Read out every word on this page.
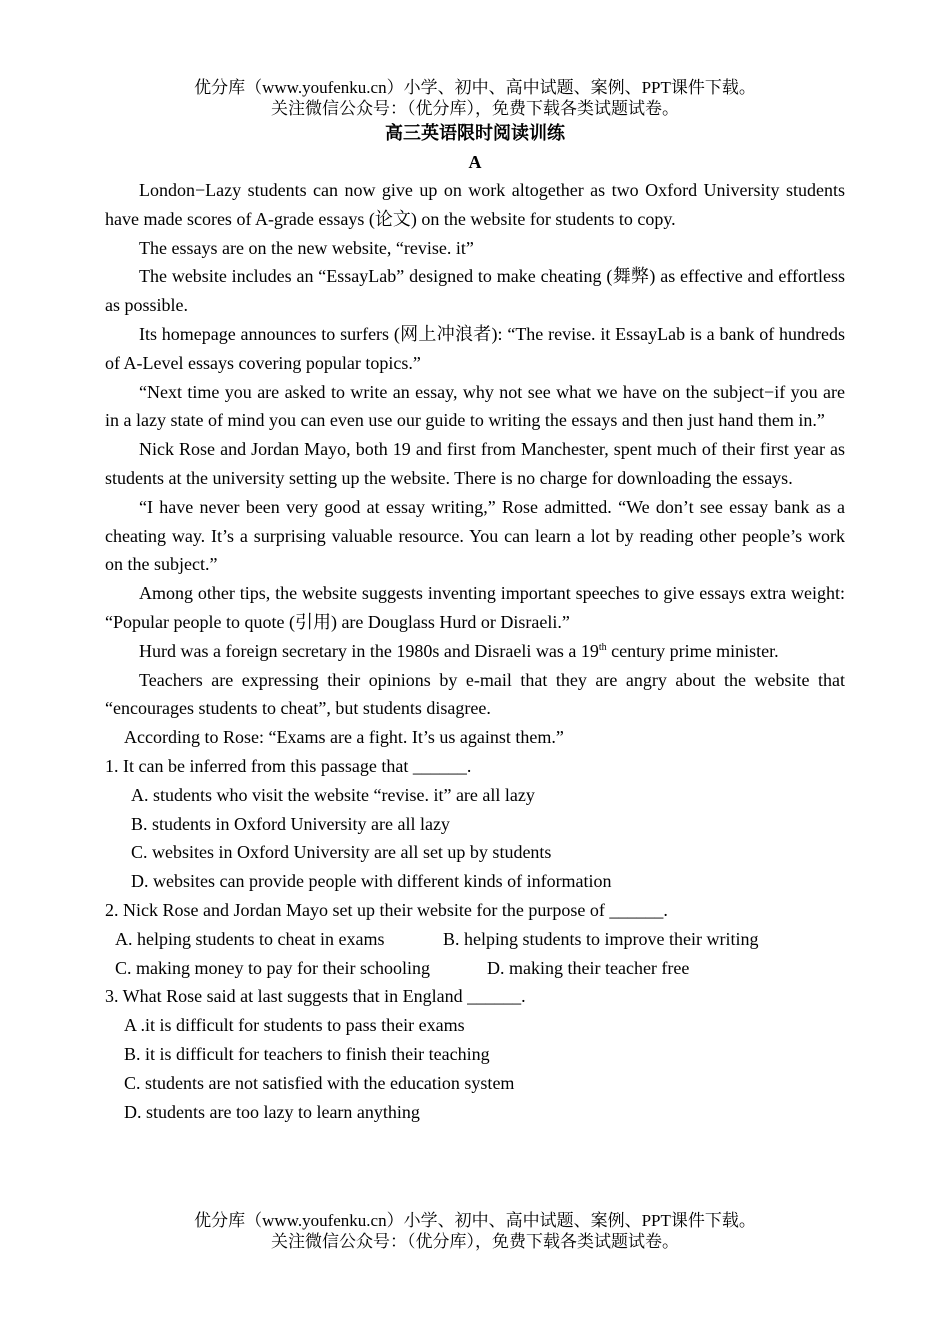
优分库（www.youfenku.cn）小学、初中、高中试题、案例、PPT课件下载。
关注微信公众号：（优分库），免费下载各类试题试卷。
高三英语限时阅读训练
A

London−Lazy students can now give up on work altogether as two Oxford University students have made scores of A-grade essays (论文) on the website for students to copy.

The essays are on the new website, “revise. it”

The website includes an “EssayLab” designed to make cheating (舞弊) as effective and effortless as possible.

Its homepage announces to surfers (网上冲浪者): “The revise. it EssayLab is a bank of hundreds of A-Level essays covering popular topics.”

“Next time you are asked to write an essay, why not see what we have on the subject−if you are in a lazy state of mind you can even use our guide to writing the essays and then just hand them in.”

Nick Rose and Jordan Mayo, both 19 and first from Manchester, spent much of their first year as students at the university setting up the website. There is no charge for downloading the essays.

“I have never been very good at essay writing,” Rose admitted. “We don’t see essay bank as a cheating way. It’s a surprising valuable resource. You can learn a lot by reading other people’s work on the subject.”

Among other tips, the website suggests inventing important speeches to give essays extra weight: “Popular people to quote (引用) are Douglass Hurd or Disraeli.”

Hurd was a foreign secretary in the 1980s and Disraeli was a 19th century prime minister.

Teachers are expressing their opinions by e-mail that they are angry about the website that “encourages students to cheat”, but students disagree.

According to Rose: “Exams are a fight. It’s us against them.”

1. It can be inferred from this passage that ______.

A. students who visit the website “revise. it” are all lazy

B. students in Oxford University are all lazy

C. websites in Oxford University are all set up by students

D. websites can provide people with different kinds of information

2. Nick Rose and Jordan Mayo set up their website for the purpose of ______.

A. helping students to cheat in exams	B. helping students to improve their writing
C. making money to pay for their schooling	D. making their teacher free

3. What Rose said at last suggests that in England ______.

A .it is difficult for students to pass their exams

B. it is difficult for teachers to finish their teaching

C. students are not satisfied with the education system

D. students are too lazy to learn anything

优分库（www.youfenku.cn）小学、初中、高中试题、案例、PPT课件下载。
关注微信公众号：（优分库），免费下载各类试题试卷。
